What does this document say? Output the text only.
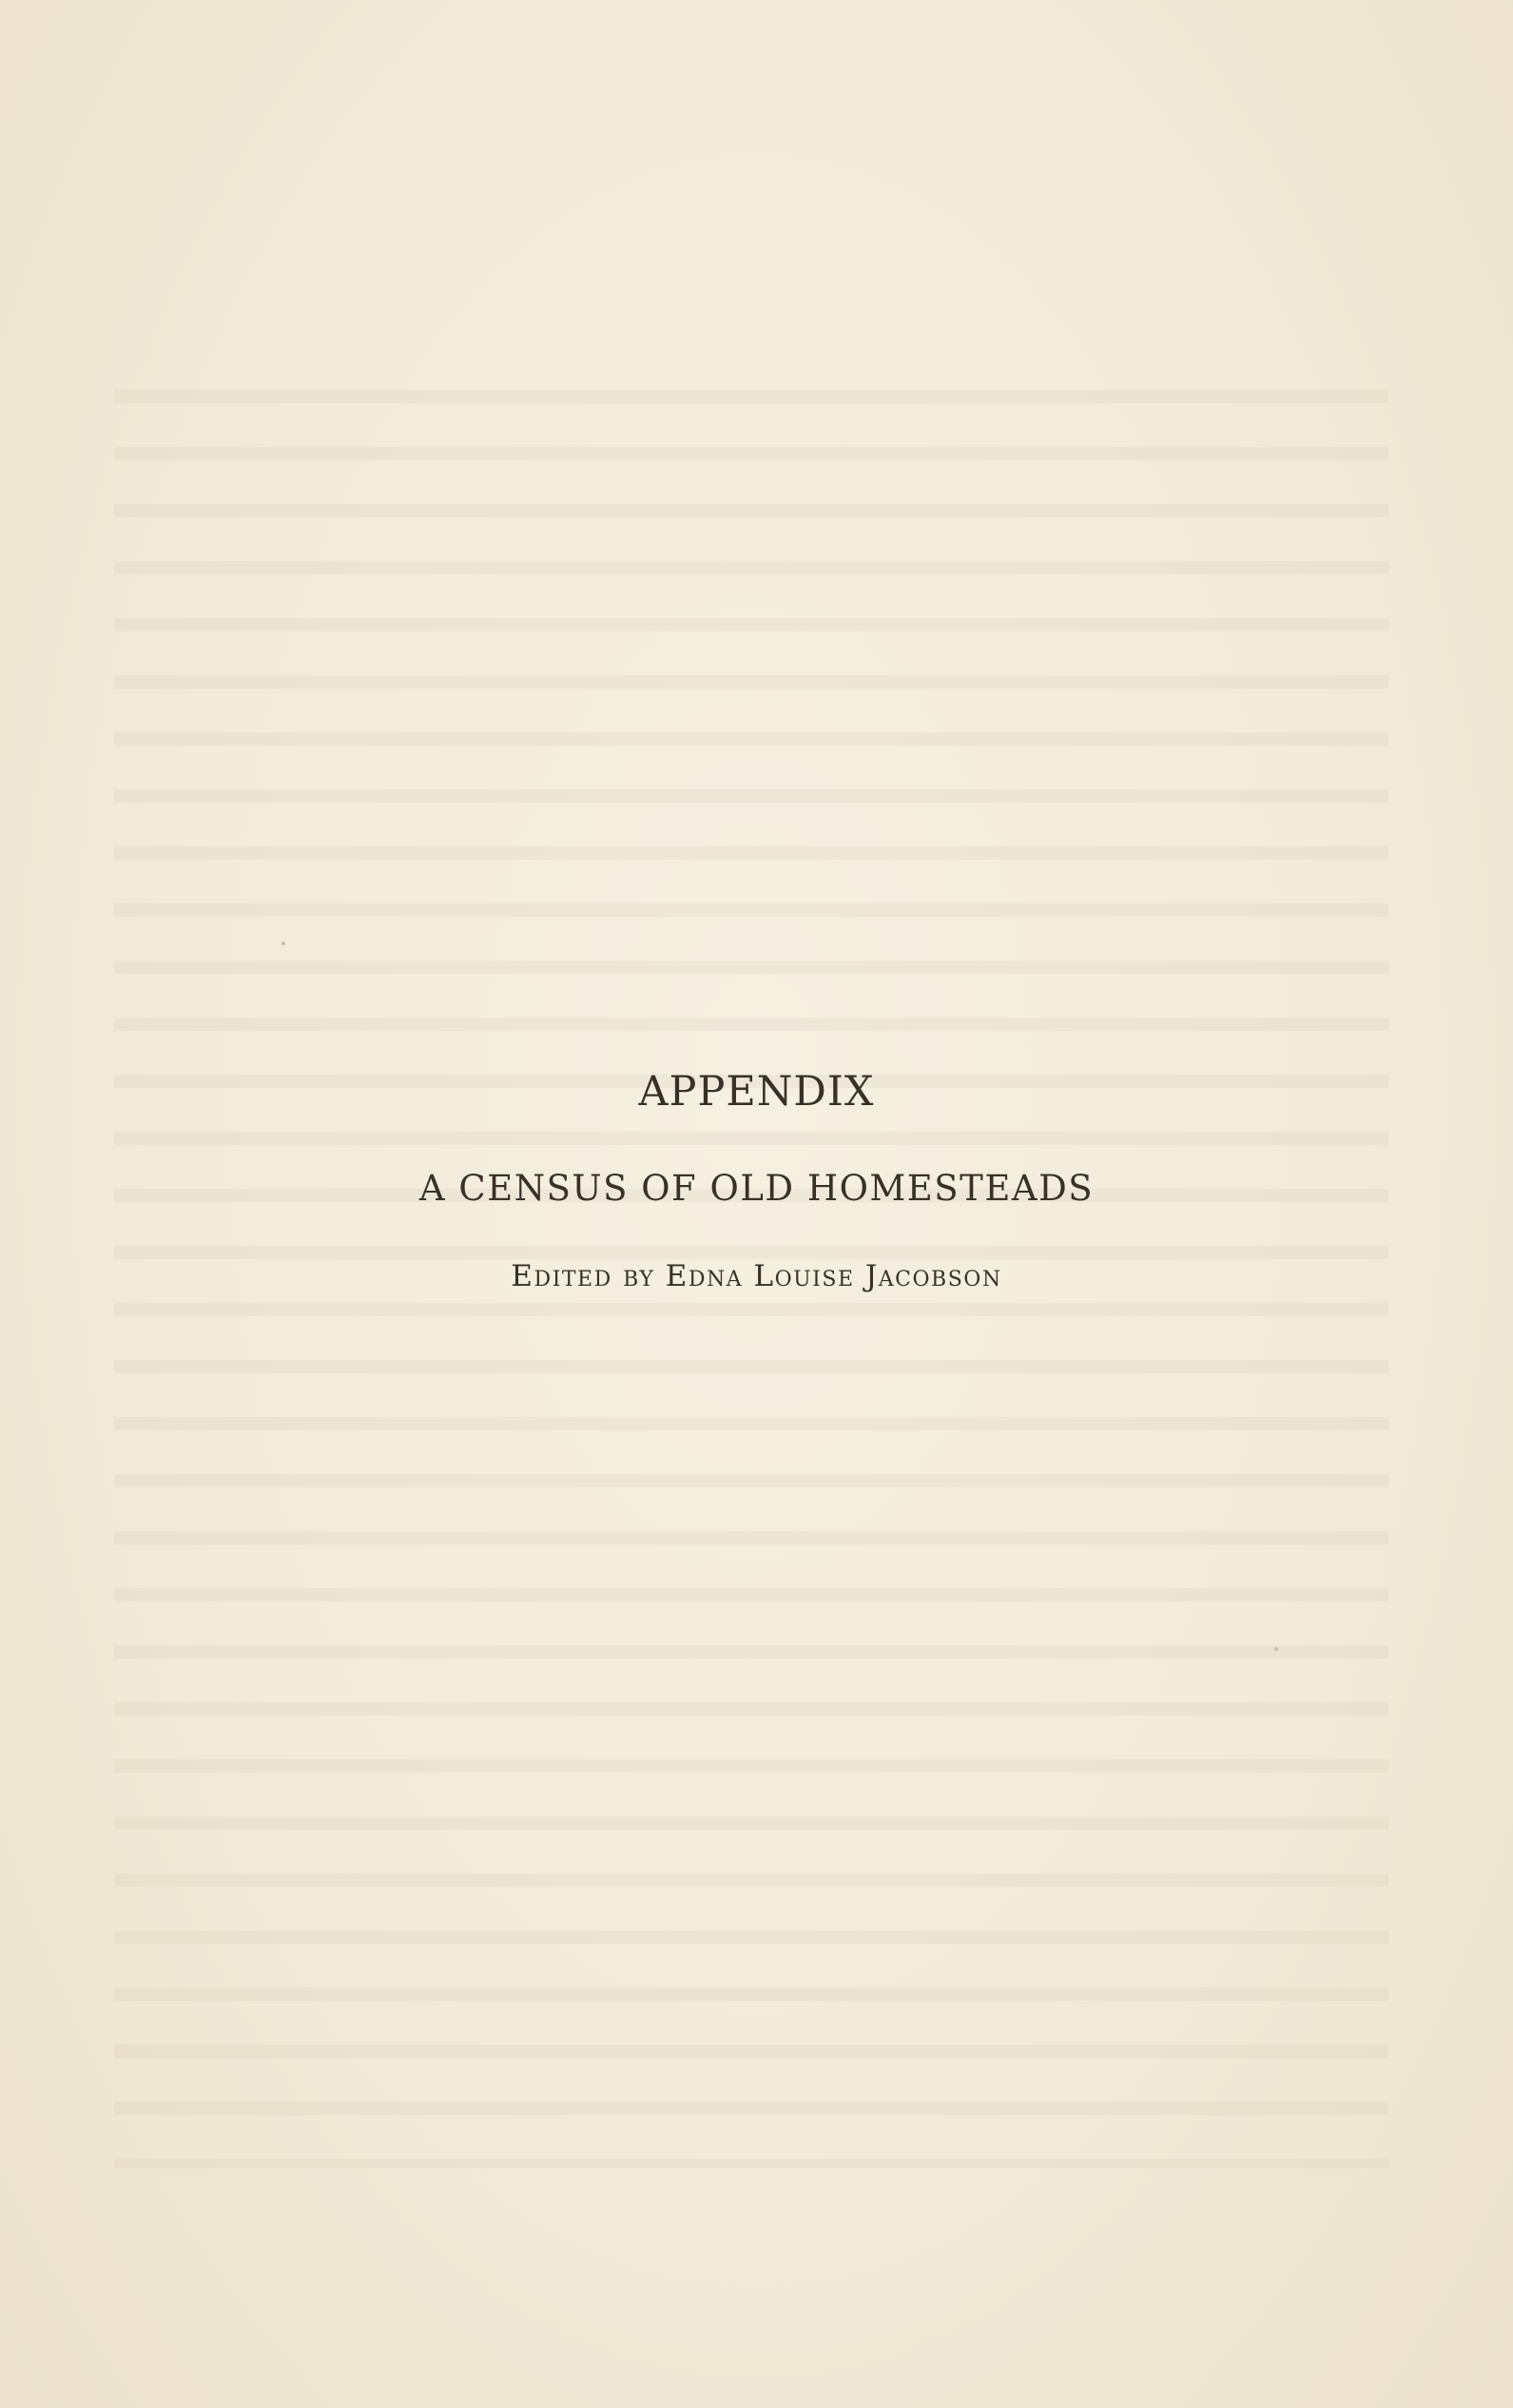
APPENDIX
A CENSUS OF OLD HOMESTEADS
Edited by Edna Louise Jacobson
